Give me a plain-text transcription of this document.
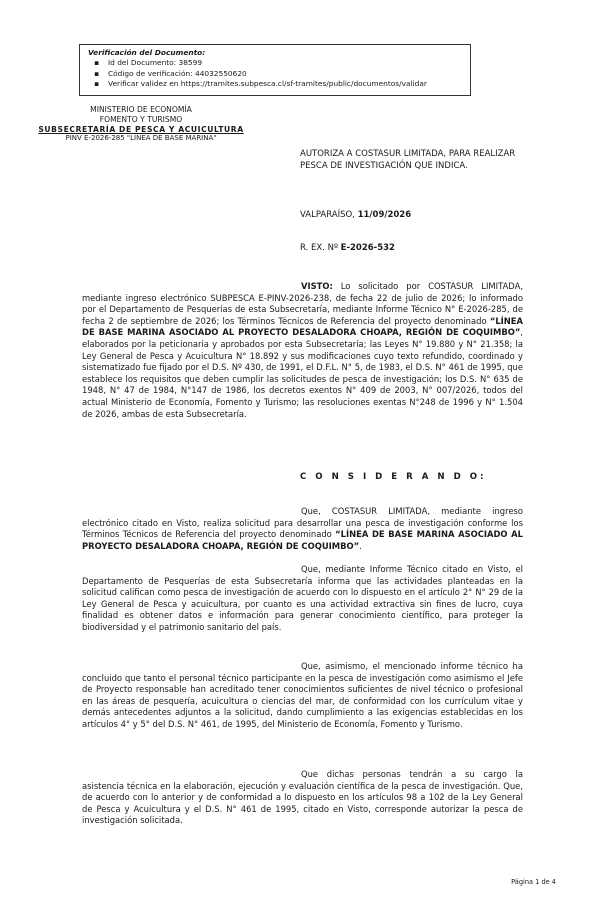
Verificación del Documento:
▪ Id del Documento: 38599
▪ Código de verificación: 44032550620
▪ Verificar validez en https://tramites.subpesca.cl/sf-tramites/public/documentos/validar
MINISTERIO DE ECONOMÍA
FOMENTO Y TURISMO
SUBSECRETARÍA DE PESCA Y ACUICULTURA
PINV E-2026-285 "LÍNEA DE BASE MARINA"
AUTORIZA A COSTASUR LIMITADA, PARA REALIZAR PESCA DE INVESTIGACIÓN QUE INDICA.
VALPARAÍSO, 11/09/2026
R. EX. Nº E-2026-532
VISTO: Lo solicitado por COSTASUR LIMITADA, mediante ingreso electrónico SUBPESCA E-PINV-2026-238, de fecha 22 de julio de 2026; lo informado por el Departamento de Pesquerías de esta Subsecretaría, mediante Informe Técnico N° E-2026-285, de fecha 2 de septiembre de 2026; los Términos Técnicos de Referencia del proyecto denominado “LÍNEA DE BASE MARINA ASOCIADO AL PROYECTO DESALADORA CHOAPA, REGIÓN DE COQUIMBO”, elaborados por la peticionaria y aprobados por esta Subsecretaría; las Leyes N° 19.880 y N° 21.358; la Ley General de Pesca y Acuicultura N° 18.892 y sus modificaciones cuyo texto refundido, coordinado y sistematizado fue fijado por el D.S. Nº 430, de 1991, el D.F.L. N° 5, de 1983, el D.S. N° 461 de 1995, que establece los requisitos que deben cumplir las solicitudes de pesca de investigación; los D.S. N° 635 de 1948, N° 47 de 1984, N°147 de 1986, los decretos exentos N° 409 de 2003, N° 007/2026, todos del actual Ministerio de Economía, Fomento y Turismo; las resoluciones exentas N°248 de 1996 y N° 1.504 de 2026, ambas de esta Subsecretaría.
C O N S I D E R A N D O:
Que, COSTASUR LIMITADA, mediante ingreso electrónico citado en Visto, realiza solicitud para desarrollar una pesca de investigación conforme los Términos Técnicos de Referencia del proyecto denominado “LÍNEA DE BASE MARINA ASOCIADO AL PROYECTO DESALADORA CHOAPA, REGIÓN DE COQUIMBO”.
Que, mediante Informe Técnico citado en Visto, el Departamento de Pesquerías de esta Subsecretaría informa que las actividades planteadas en la solicitud califican como pesca de investigación de acuerdo con lo dispuesto en el artículo 2° N° 29 de la Ley General de Pesca y acuicultura, por cuanto es una actividad extractiva sin fines de lucro, cuya finalidad es obtener datos e información para generar conocimiento científico, para proteger la biodiversidad y el patrimonio sanitario del país.
Que, asimismo, el mencionado informe técnico ha concluido que tanto el personal técnico participante en la pesca de investigación como asimismo el Jefe de Proyecto responsable han acreditado tener conocimientos suficientes de nivel técnico o profesional en las áreas de pesquería, acuicultura o ciencias del mar, de conformidad con los currículum vitae y demás antecedentes adjuntos a la solicitud, dando cumplimiento a las exigencias establecidas en los artículos 4° y 5° del D.S. N° 461, de 1995, del Ministerio de Economía, Fomento y Turismo.
Que dichas personas tendrán a su cargo la asistencia técnica en la elaboración, ejecución y evaluación científica de la pesca de investigación. Que, de acuerdo con lo anterior y de conformidad a lo dispuesto en los artículos 98 a 102 de la Ley General de Pesca y Acuicultura y el D.S. N° 461 de 1995, citado en Visto, corresponde autorizar la pesca de investigación solicitada.
Página 1 de 4
